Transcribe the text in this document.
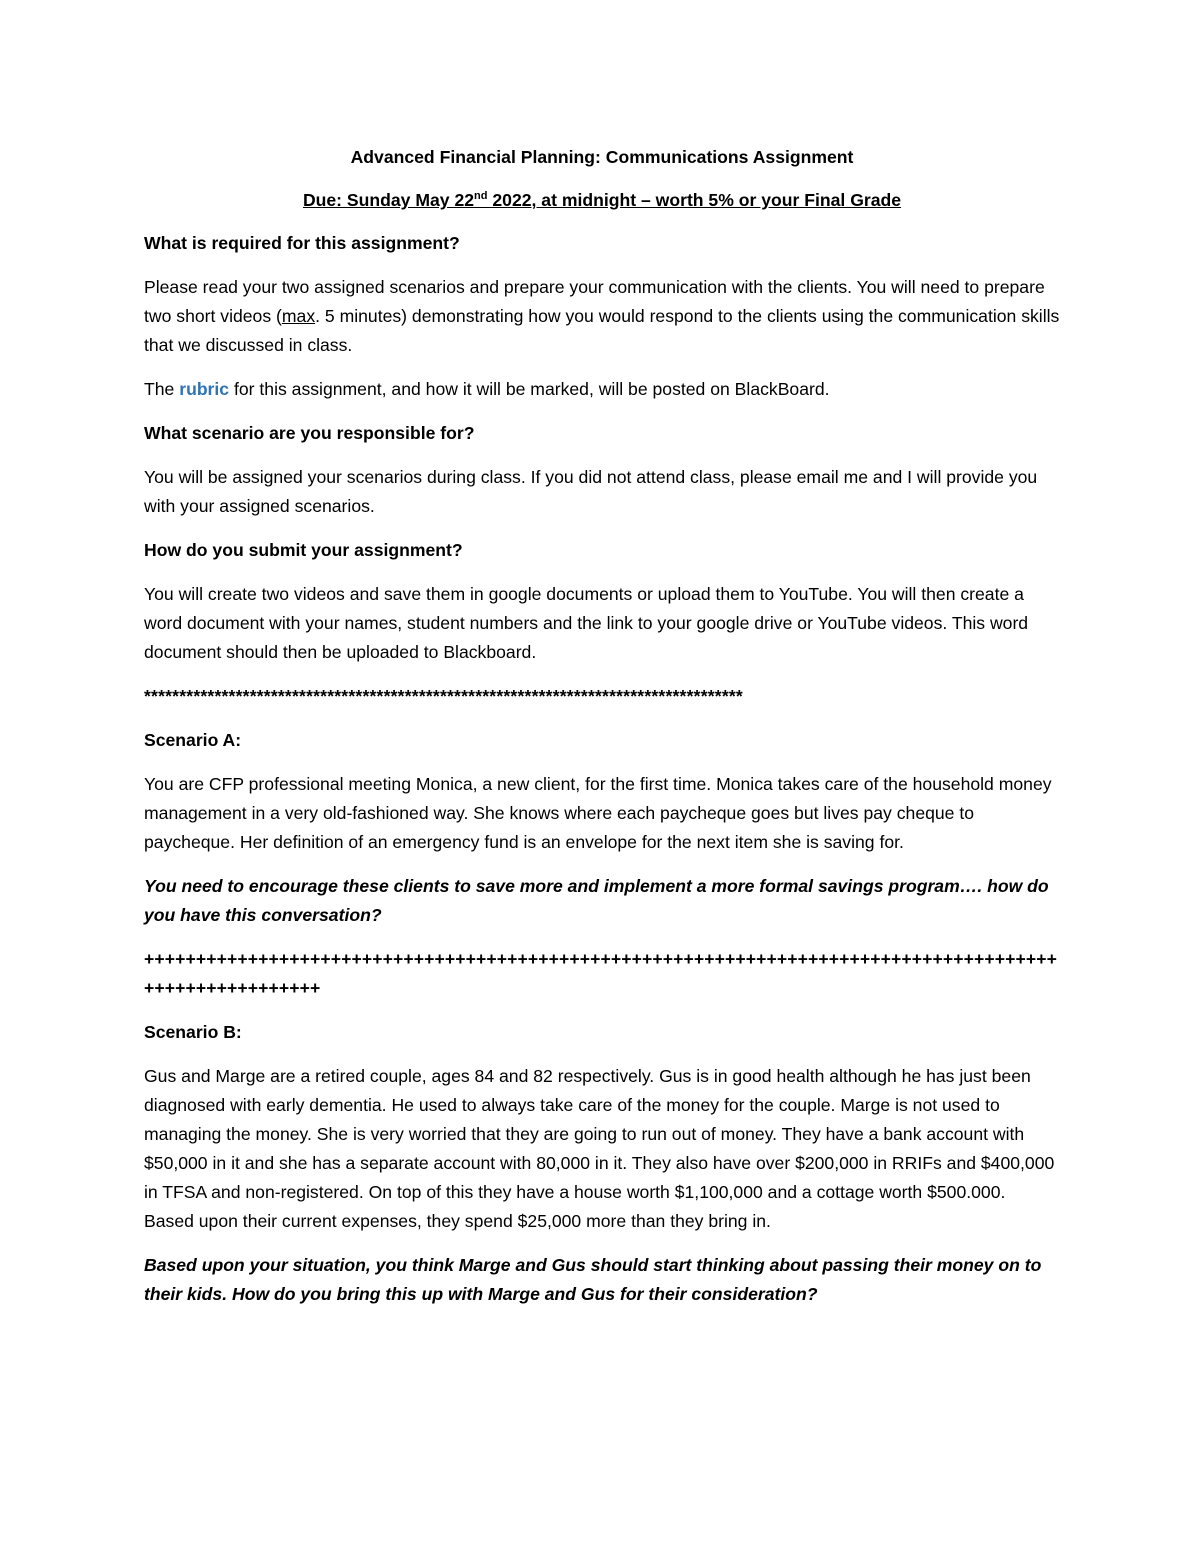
Advanced Financial Planning: Communications Assignment
Due: Sunday May 22nd 2022, at midnight – worth 5% or your Final Grade
What is required for this assignment?

Please read your two assigned scenarios and prepare your communication with the clients. You will need to prepare two short videos (max. 5 minutes) demonstrating how you would respond to the clients using the communication skills that we discussed in class.

The rubric for this assignment, and how it will be marked, will be posted on BlackBoard.

What scenario are you responsible for?

You will be assigned your scenarios during class. If you did not attend class, please email me and I will provide you with your assigned scenarios.

How do you submit your assignment?

You will create two videos and save them in google documents or upload them to YouTube. You will then create a word document with your names, student numbers and the link to your google drive or YouTube videos. This word document should then be uploaded to Blackboard.

*************************************************************************************
Scenario A:

You are CFP professional meeting Monica, a new client, for the first time. Monica takes care of the household money management in a very old-fashioned way. She knows where each paycheque goes but lives pay cheque to paycheque. Her definition of an emergency fund is an envelope for the next item she is saving for.

You need to encourage these clients to save more and implement a more formal savings program…. how do you have this conversation?
+++++++++++++++++++++++++++++++++++++++++++++++++++++++++++++++++++++++++++++++++++++++++++++++++++++++++
Scenario B:

Gus and Marge are a retired couple, ages 84 and 82 respectively. Gus is in good health although he has just been diagnosed with early dementia. He used to always take care of the money for the couple. Marge is not used to managing the money. She is very worried that they are going to run out of money. They have a bank account with $50,000 in it and she has a separate account with 80,000 in it. They also have over $200,000 in RRIFs and $400,000 in TFSA and non-registered. On top of this they have a house worth $1,100,000 and a cottage worth $500.000. Based upon their current expenses, they spend $25,000 more than they bring in.

Based upon your situation, you think Marge and Gus should start thinking about passing their money on to their kids. How do you bring this up with Marge and Gus for their consideration?
